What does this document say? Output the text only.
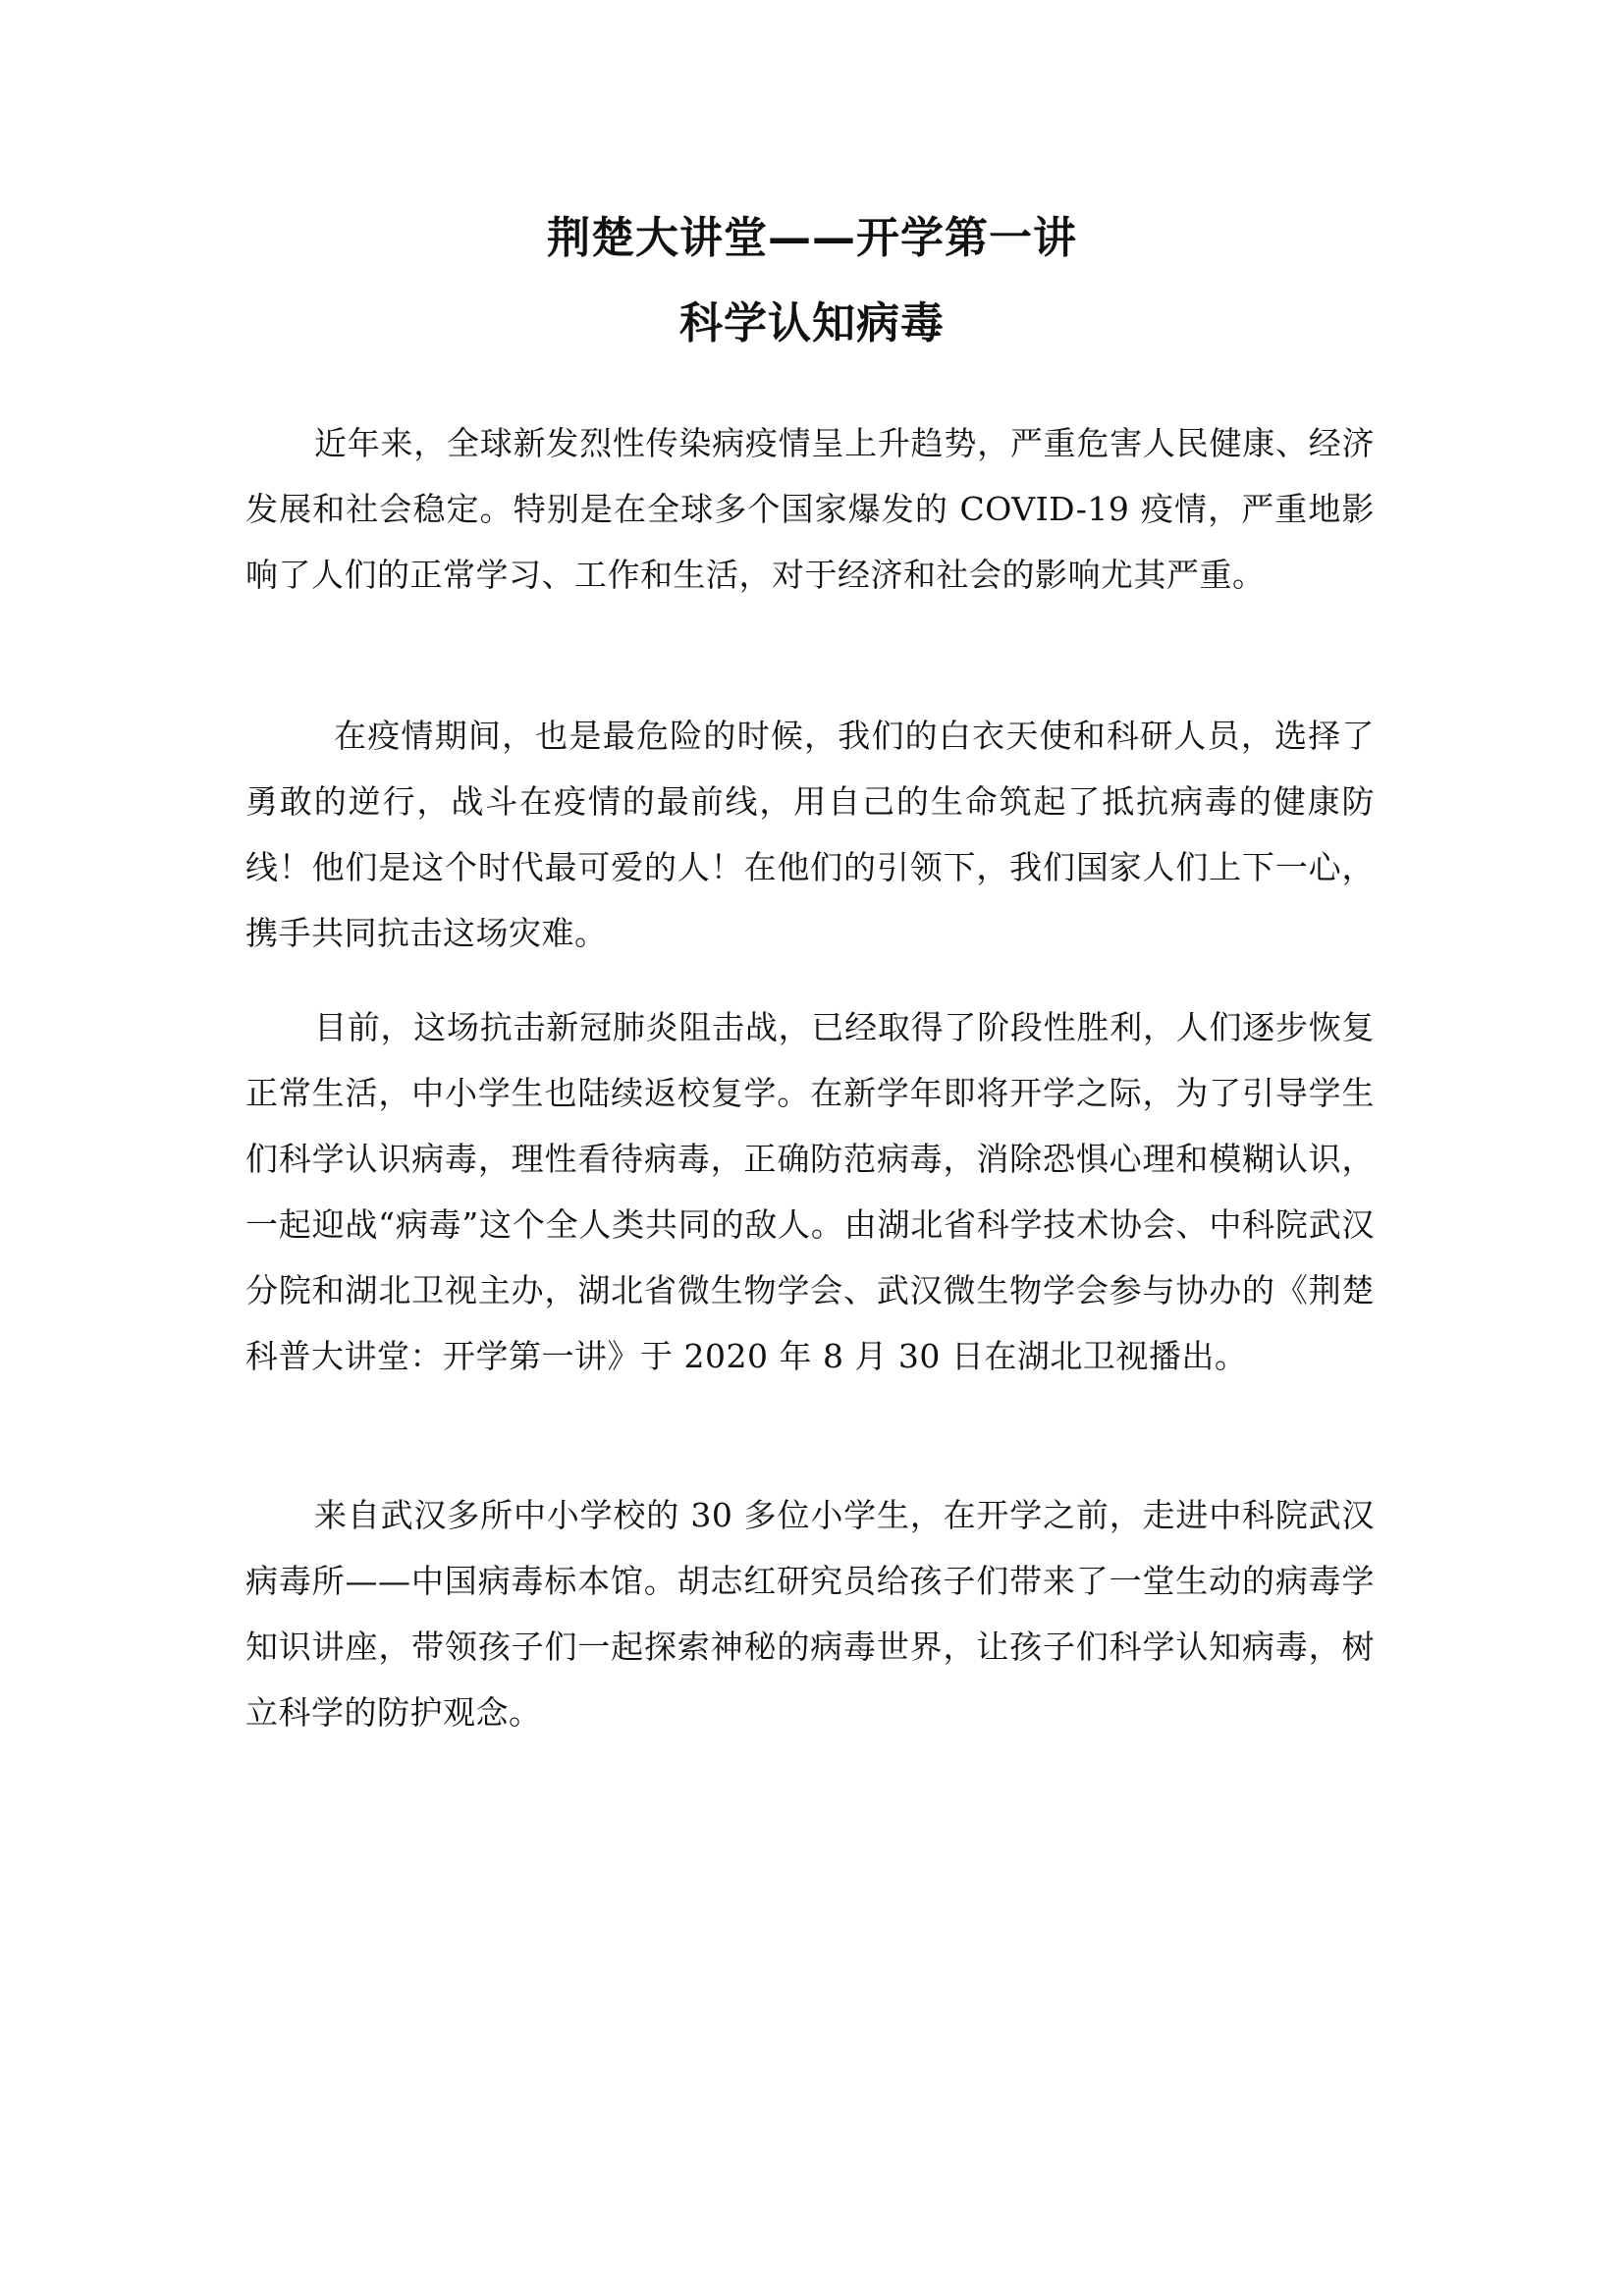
荆楚大讲堂——开学第一讲
科学认知病毒

近年来，全球新发烈性传染病疫情呈上升趋势，严重危害人民健康、经济发展和社会稳定。特别是在全球多个国家爆发的 COVID-19 疫情，严重地影响了人们的正常学习、工作和生活，对于经济和社会的影响尤其严重。

在疫情期间，也是最危险的时候，我们的白衣天使和科研人员，选择了勇敢的逆行，战斗在疫情的最前线，用自己的生命筑起了抵抗病毒的健康防线！他们是这个时代最可爱的人！在他们的引领下，我们国家人们上下一心，携手共同抗击这场灾难。

目前，这场抗击新冠肺炎阻击战，已经取得了阶段性胜利，人们逐步恢复正常生活，中小学生也陆续返校复学。在新学年即将开学之际，为了引导学生们科学认识病毒，理性看待病毒，正确防范病毒，消除恐惧心理和模糊认识，一起迎战“病毒”这个全人类共同的敌人。由湖北省科学技术协会、中科院武汉分院和湖北卫视主办，湖北省微生物学会、武汉微生物学会参与协办的《荆楚科普大讲堂：开学第一讲》于 2020 年 8 月 30 日在湖北卫视播出。

来自武汉多所中小学校的 30 多位小学生，在开学之前，走进中科院武汉病毒所——中国病毒标本馆。胡志红研究员给孩子们带来了一堂生动的病毒学知识讲座，带领孩子们一起探索神秘的病毒世界，让孩子们科学认知病毒，树立科学的防护观念。
